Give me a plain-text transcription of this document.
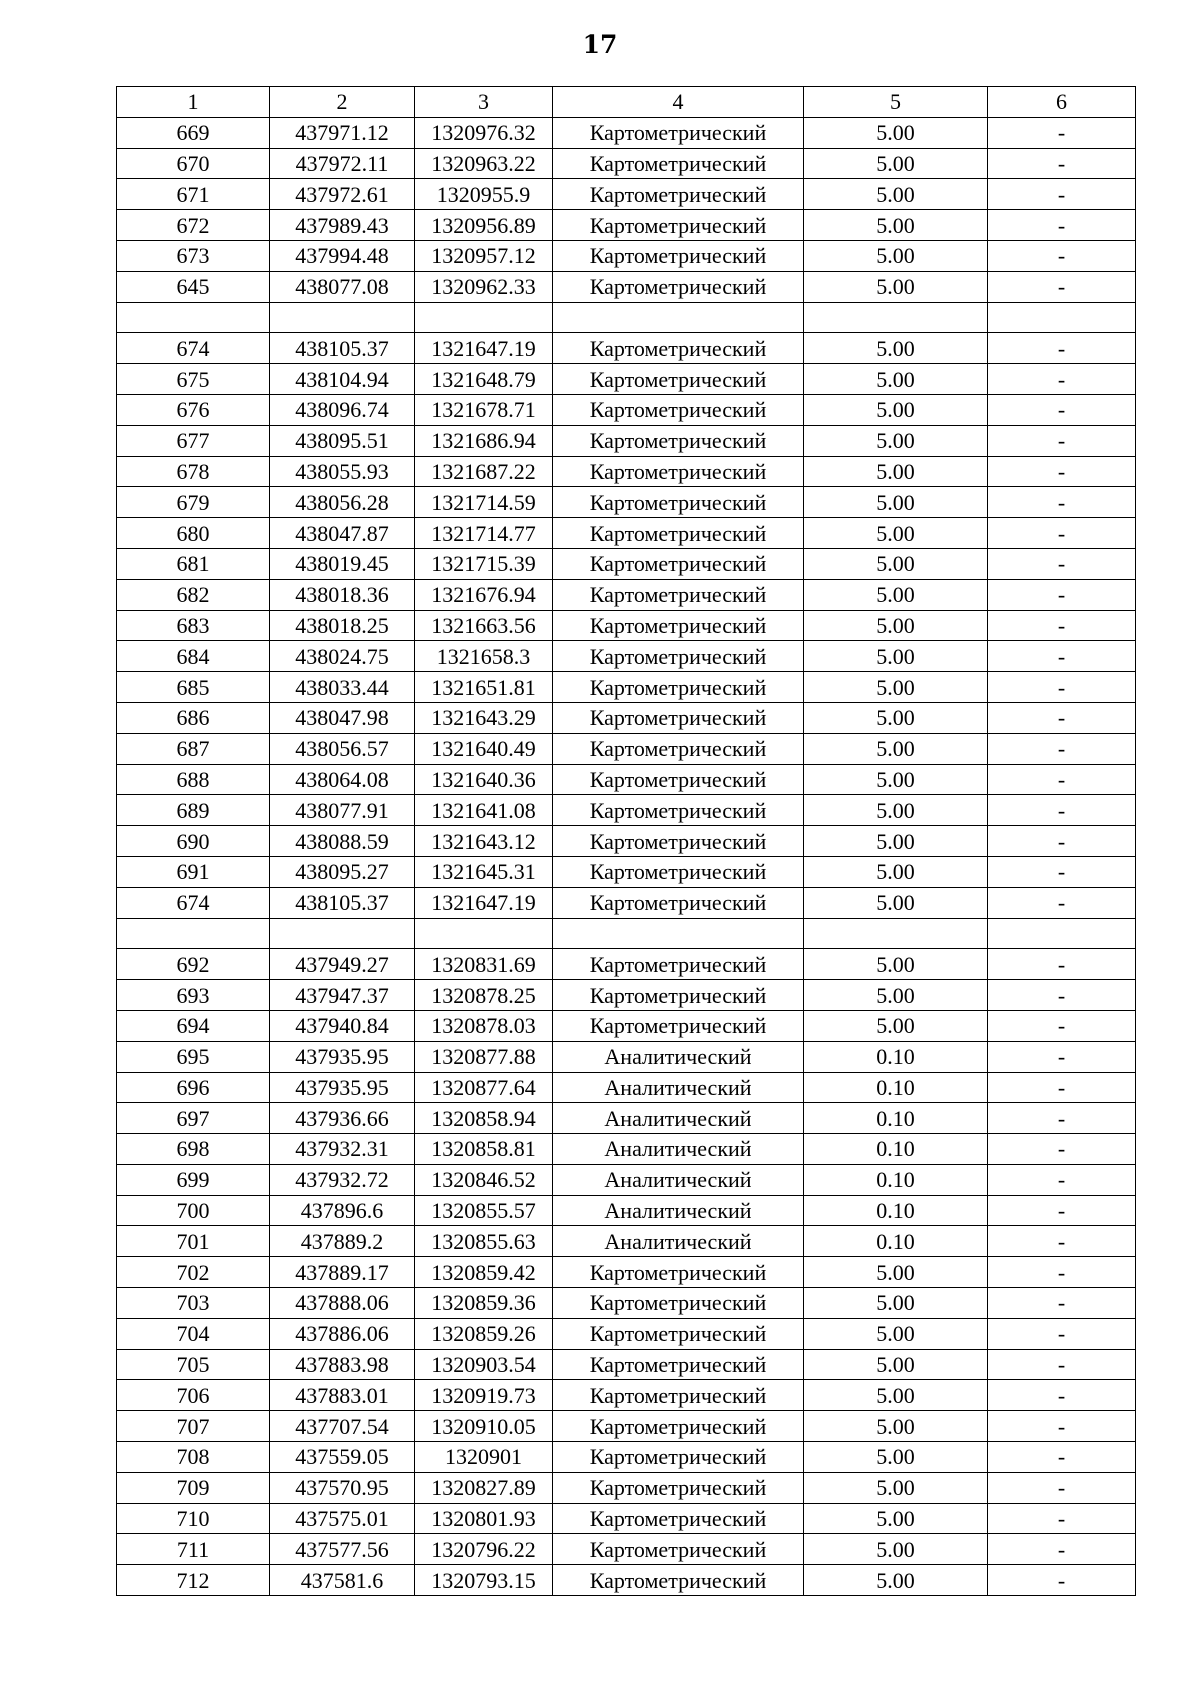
17
1	2	3	4	5	6
669	437971.12	1320976.32	Картометрический	5.00	-
670	437972.11	1320963.22	Картометрический	5.00	-
671	437972.61	1320955.9	Картометрический	5.00	-
672	437989.43	1320956.89	Картометрический	5.00	-
673	437994.48	1320957.12	Картометрический	5.00	-
645	438077.08	1320962.33	Картометрический	5.00	-

674	438105.37	1321647.19	Картометрический	5.00	-
675	438104.94	1321648.79	Картометрический	5.00	-
676	438096.74	1321678.71	Картометрический	5.00	-
677	438095.51	1321686.94	Картометрический	5.00	-
678	438055.93	1321687.22	Картометрический	5.00	-
679	438056.28	1321714.59	Картометрический	5.00	-
680	438047.87	1321714.77	Картометрический	5.00	-
681	438019.45	1321715.39	Картометрический	5.00	-
682	438018.36	1321676.94	Картометрический	5.00	-
683	438018.25	1321663.56	Картометрический	5.00	-
684	438024.75	1321658.3	Картометрический	5.00	-
685	438033.44	1321651.81	Картометрический	5.00	-
686	438047.98	1321643.29	Картометрический	5.00	-
687	438056.57	1321640.49	Картометрический	5.00	-
688	438064.08	1321640.36	Картометрический	5.00	-
689	438077.91	1321641.08	Картометрический	5.00	-
690	438088.59	1321643.12	Картометрический	5.00	-
691	438095.27	1321645.31	Картометрический	5.00	-
674	438105.37	1321647.19	Картометрический	5.00	-

692	437949.27	1320831.69	Картометрический	5.00	-
693	437947.37	1320878.25	Картометрический	5.00	-
694	437940.84	1320878.03	Картометрический	5.00	-
695	437935.95	1320877.88	Аналитический	0.10	-
696	437935.95	1320877.64	Аналитический	0.10	-
697	437936.66	1320858.94	Аналитический	0.10	-
698	437932.31	1320858.81	Аналитический	0.10	-
699	437932.72	1320846.52	Аналитический	0.10	-
700	437896.6	1320855.57	Аналитический	0.10	-
701	437889.2	1320855.63	Аналитический	0.10	-
702	437889.17	1320859.42	Картометрический	5.00	-
703	437888.06	1320859.36	Картометрический	5.00	-
704	437886.06	1320859.26	Картометрический	5.00	-
705	437883.98	1320903.54	Картометрический	5.00	-
706	437883.01	1320919.73	Картометрический	5.00	-
707	437707.54	1320910.05	Картометрический	5.00	-
708	437559.05	1320901	Картометрический	5.00	-
709	437570.95	1320827.89	Картометрический	5.00	-
710	437575.01	1320801.93	Картометрический	5.00	-
711	437577.56	1320796.22	Картометрический	5.00	-
712	437581.6	1320793.15	Картометрический	5.00	-
